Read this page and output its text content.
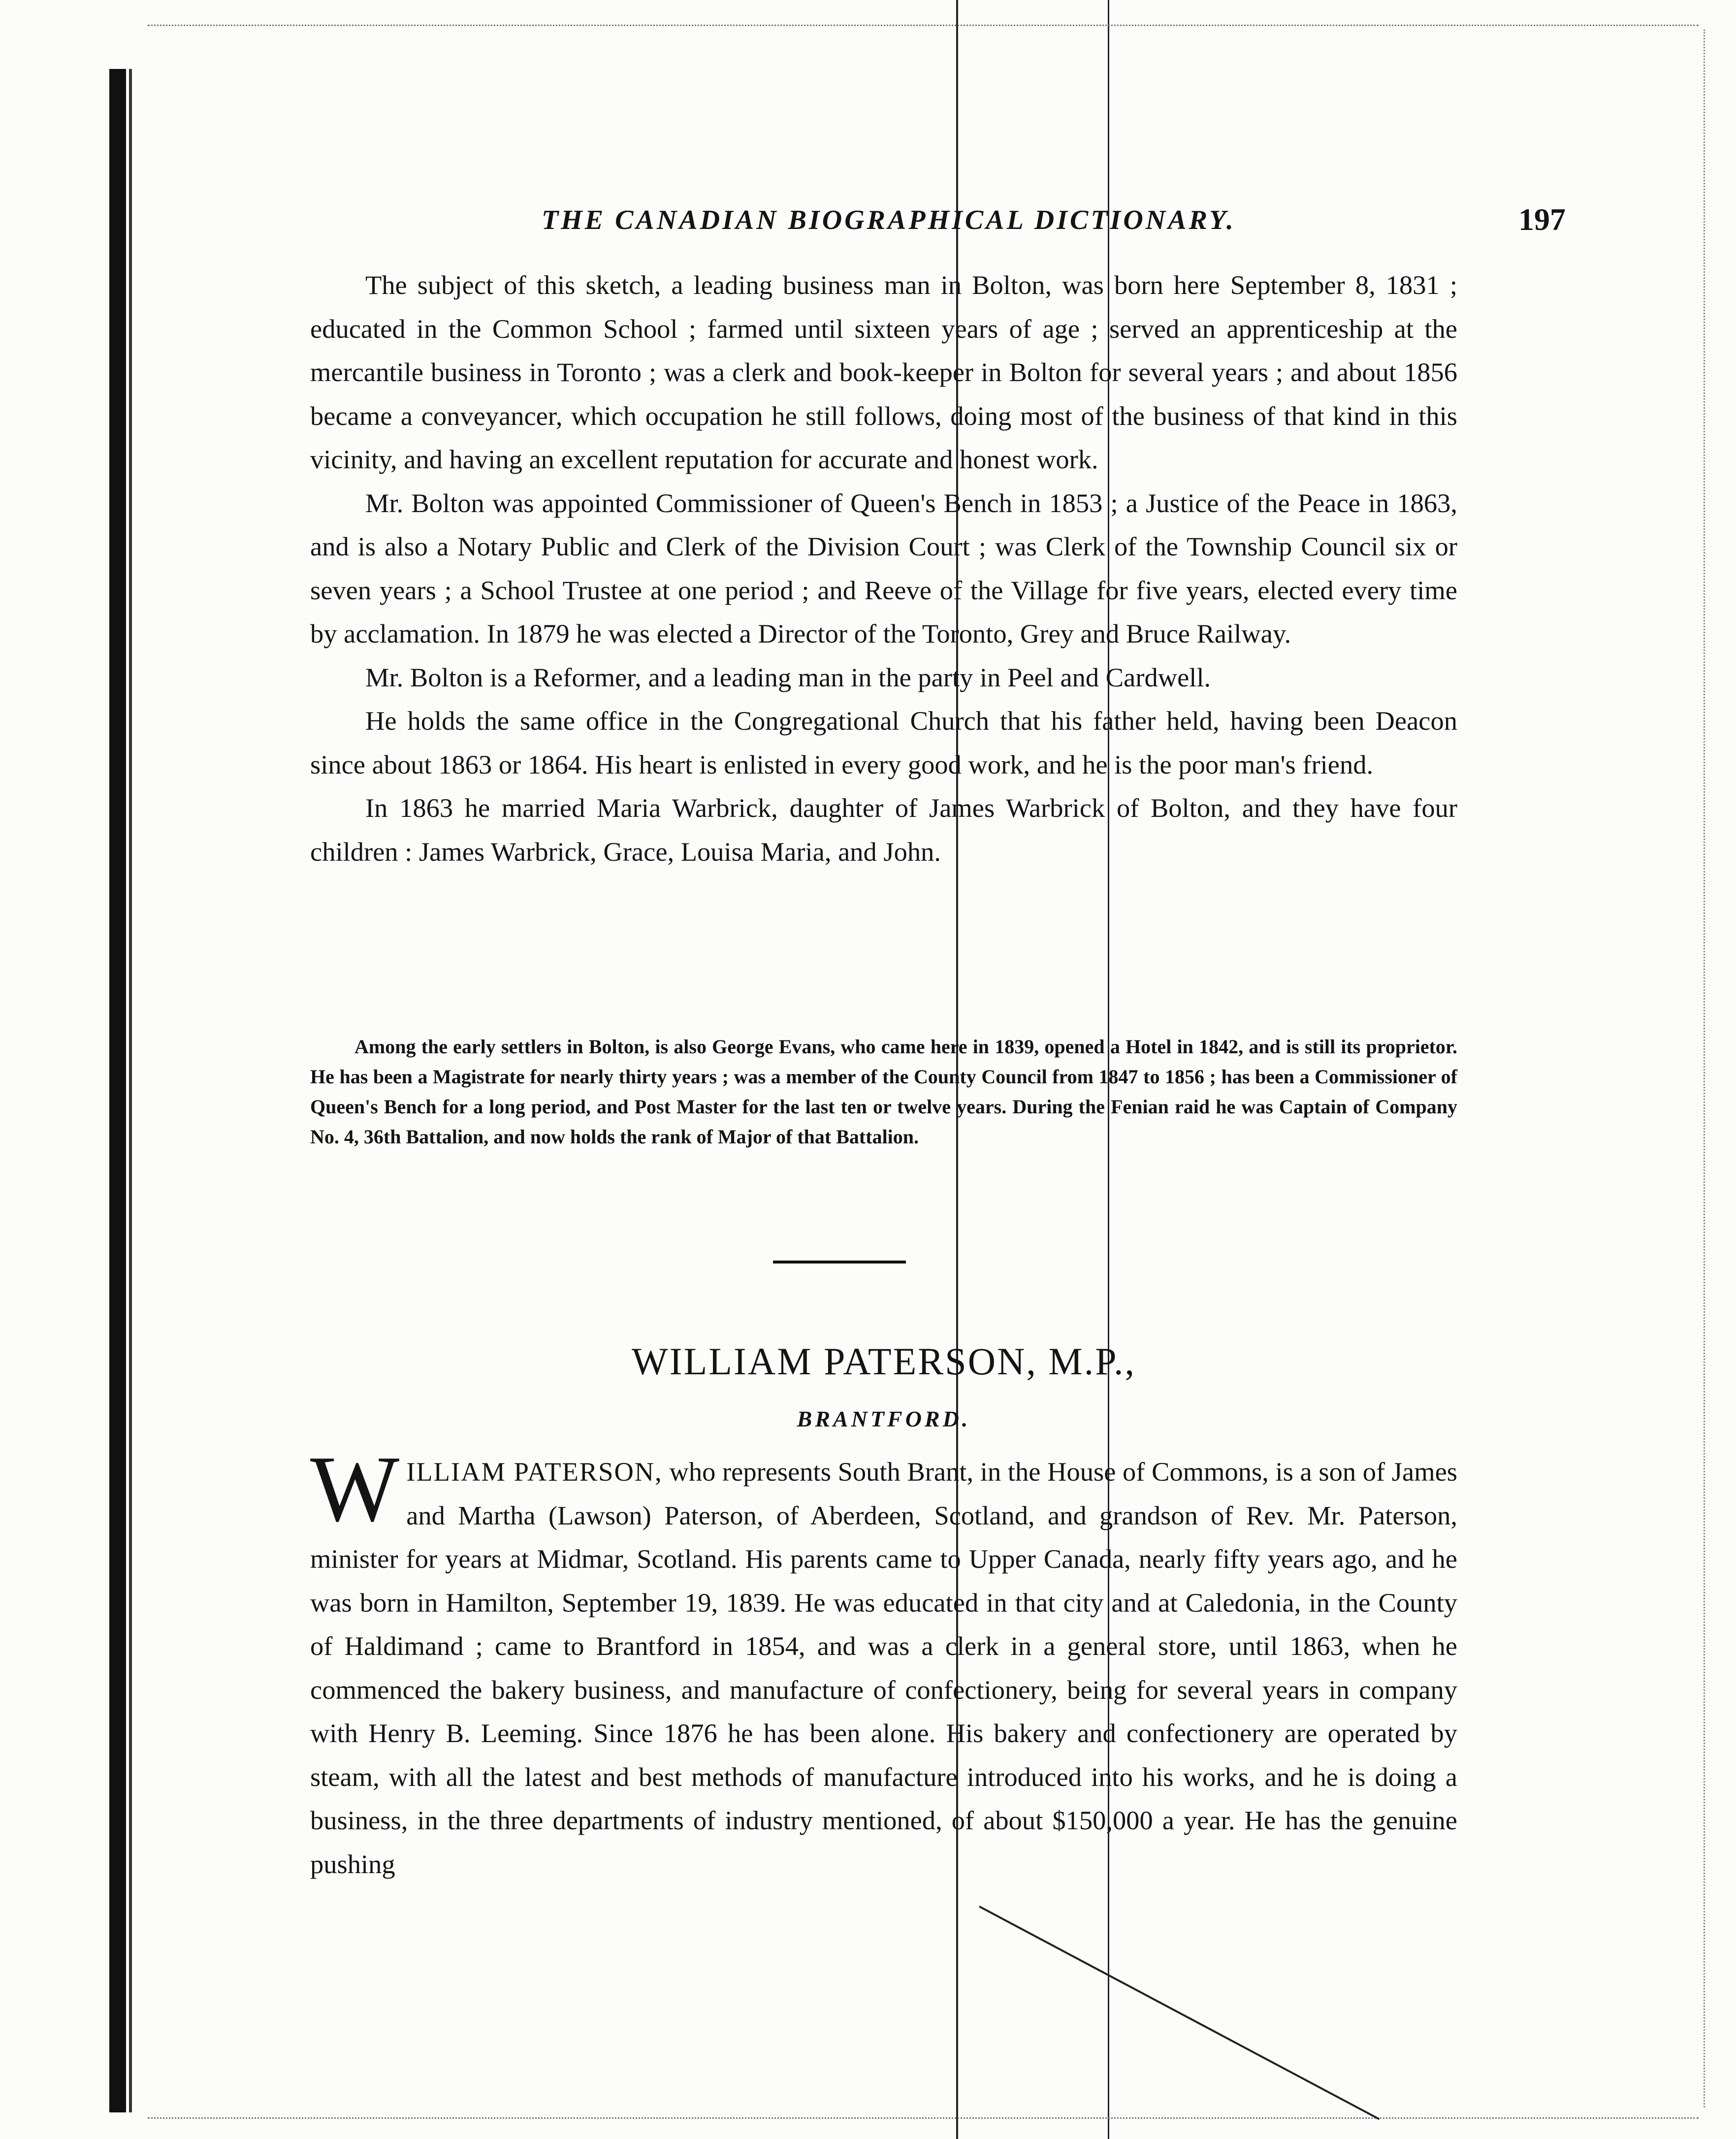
THE CANADIAN BIOGRAPHICAL DICTIONARY.	197

The subject of this sketch, a leading business man in Bolton, was born here September 8, 1831 ; educated in the Common School ; farmed until sixteen years of age ; served an apprenticeship at the mercantile business in Toronto ; was a clerk and book-keeper in Bolton for several years ; and about 1856 became a conveyancer, which occupation he still follows, doing most of the business of that kind in this vicinity, and having an excellent reputation for accurate and honest work.

Mr. Bolton was appointed Commissioner of Queen's Bench in 1853 ; a Justice of the Peace in 1863, and is also a Notary Public and Clerk of the Division Court ; was Clerk of the Township Council six or seven years ; a School Trustee at one period ; and Reeve of the Village for five years, elected every time by acclamation. In 1879 he was elected a Director of the Toronto, Grey and Bruce Railway.

Mr. Bolton is a Reformer, and a leading man in the party in Peel and Cardwell.

He holds the same office in the Congregational Church that his father held, having been Deacon since about 1863 or 1864. His heart is enlisted in every good work, and he is the poor man's friend.

In 1863 he married Maria Warbrick, daughter of James Warbrick of Bolton, and they have four children : James Warbrick, Grace, Louisa Maria, and John.

Among the early settlers in Bolton, is also George Evans, who came here in 1839, opened a Hotel in 1842, and is still its proprietor. He has been a Magistrate for nearly thirty years ; was a member of the County Council from 1847 to 1856 ; has been a Commissioner of Queen's Bench for a long period, and Post Master for the last ten or twelve years. During the Fenian raid he was Captain of Company No. 4, 36th Battalion, and now holds the rank of Major of that Battalion.

WILLIAM PATERSON, M.P.,
BRANTFORD.

WILLIAM PATERSON, who represents South Brant, in the House of Commons, is a son of James and Martha (Lawson) Paterson, of Aberdeen, Scotland, and grandson of Rev. Mr. Paterson, minister for years at Midmar, Scotland. His parents came to Upper Canada, nearly fifty years ago, and he was born in Hamilton, September 19, 1839. He was educated in that city and at Caledonia, in the County of Haldimand ; came to Brantford in 1854, and was a clerk in a general store, until 1863, when he commenced the bakery business, and manufacture of confectionery, being for several years in company with Henry B. Leeming. Since 1876 he has been alone. His bakery and confectionery are operated by steam, with all the latest and best methods of manufacture introduced into his works, and he is doing a business, in the three departments of industry mentioned, of about $150,000 a year. He has the genuine pushing
